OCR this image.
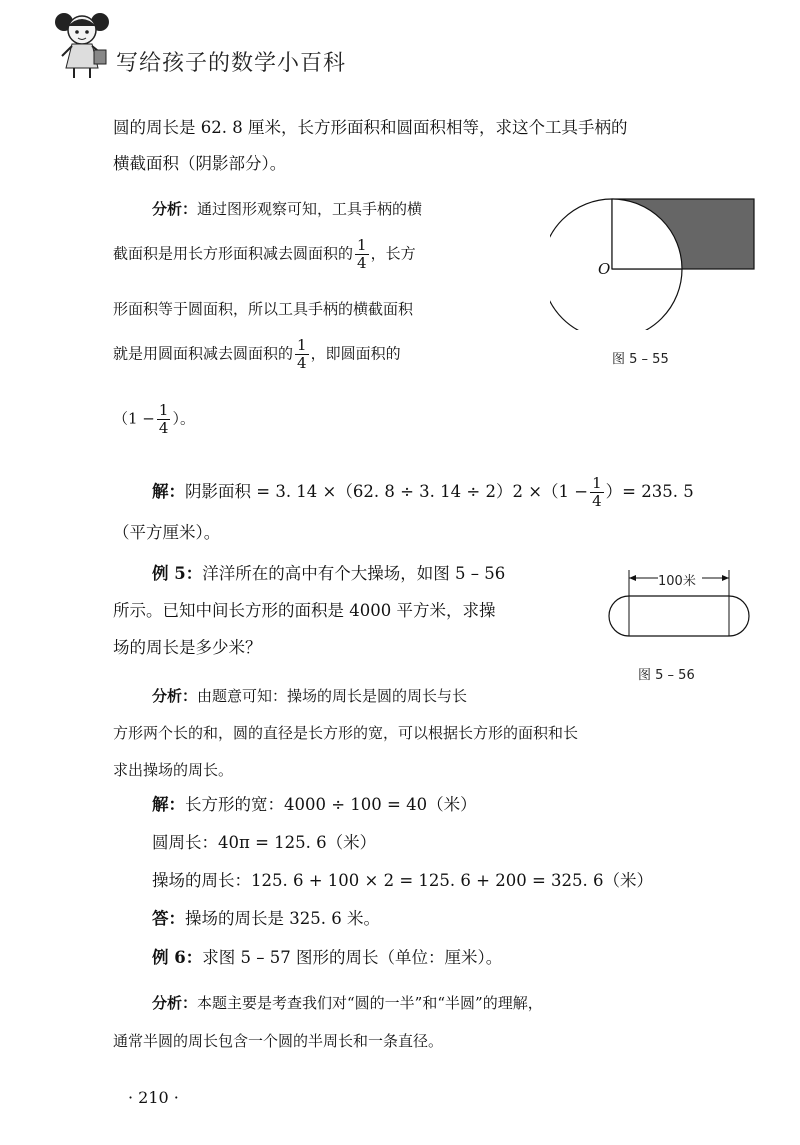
写给孩子的数学小百科
圆的周长是 62. 8 厘米，长方形面积和圆面积相等，求这个工具手柄的
横截面积（阴影部分）。
分析：通过图形观察可知，工具手柄的横
截面积是用长方形面积减去圆面积的 $\frac{1}{4}$ ，长方
形面积等于圆面积，所以工具手柄的横截面积
就是用圆面积减去圆面积的 $\frac{1}{4}$ ，即圆面积的
（$1 - \frac{1}{4}$ ）。
O
图 5 – 55
解：阴影面积 = 3. 14 ×（62. 8 ÷ 3. $14 \div 2)2 \times(1 - \frac{1}{4}$ ）= 235. 5
（平方厘米）。
例 5：洋洋所在的高中有个大操场，如图 5 – 56
所示。已知中间长方形的面积是 4000 平方米，求操
场的周长是多少米？
100米
图 5 – 56
分析：由题意可知：操场的周长是圆的周长与长
方形两个长的和，圆的直径是长方形的宽，可以根据长方形的面积和长
求出操场的周长。
解：长方形的宽：4000 ÷ 100 = 40（米）
圆周长：40π = 125. 6（米）
操场的周长：125. 6 + 100 × 2 = 125. 6 + 200 = 325. 6（米）
答：操场的周长是 325. 6 米。
例 6：求图 5 – 57 图形的周长（单位：厘米）。
分析：本题主要是考查我们对“圆的一半”和“半圆”的理解，
通常半圆的周长包含一个圆的半周长和一条直径。
· 210 ·
